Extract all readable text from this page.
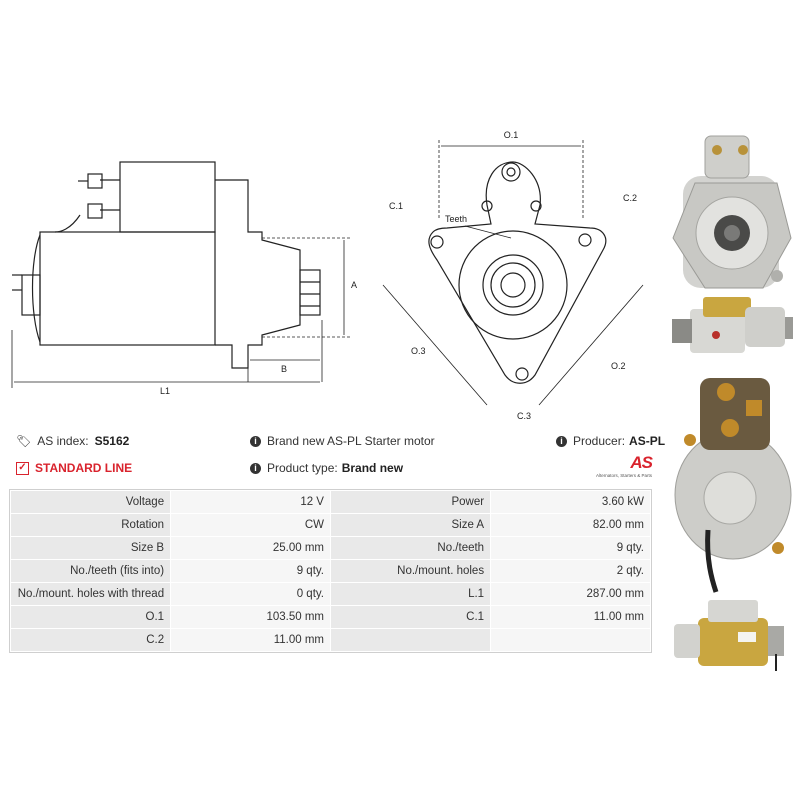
A
B
L1
O.1
O.3
O.2
C.1
C.2
C.3
Teeth
🏷 AS index: S5162
✓ STANDARD LINE
i Brand new AS-PL Starter motor
i Product type: Brand new
i Producer: AS-PL
AS
Alternators, Starters & Parts
Voltage	12 V	Power	3.60 kW
Rotation	CW	Size A	82.00 mm
Size B	25.00 mm	No./teeth	9 qty.
No./teeth (fits into)	9 qty.	No./mount. holes	2 qty.
No./mount. holes with thread	0 qty.	L.1	287.00 mm
O.1	103.50 mm	C.1	11.00 mm
C.2	11.00 mm		
